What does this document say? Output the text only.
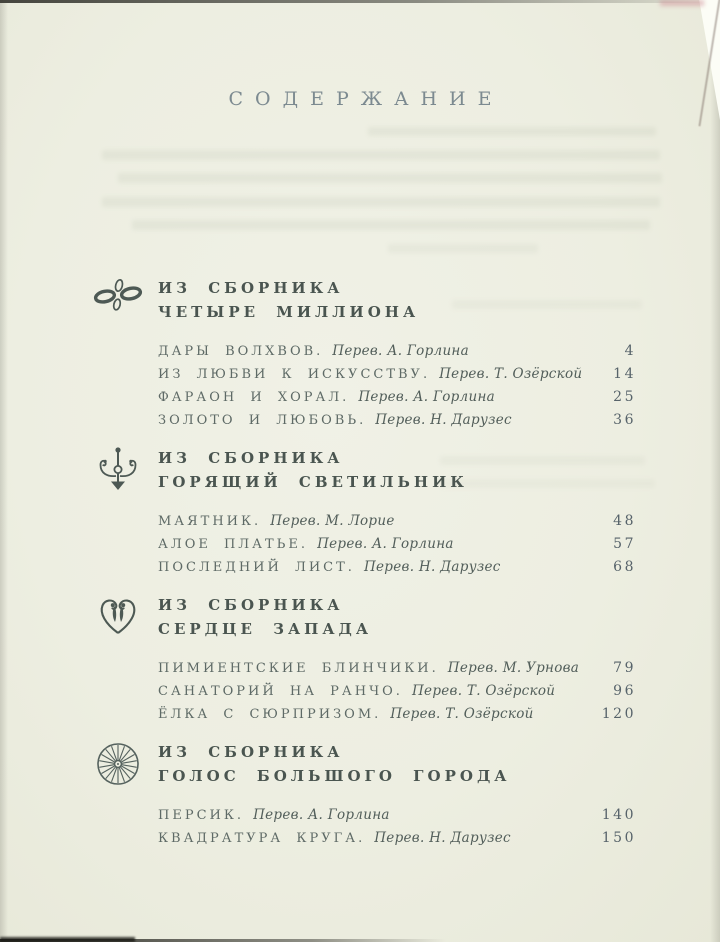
СОДЕРЖАНИЕ
ИЗ СБОРНИКА
ЧЕТЫРЕ МИЛЛИОНА
ДАРЫ ВОЛХВОВ. Перев. А. Горлина	4
ИЗ ЛЮБВИ К ИСКУССТВУ. Перев. Т. Озёрской	14
ФАРАОН И ХОРАЛ. Перев. А. Горлина	25
ЗОЛОТО И ЛЮБОВЬ. Перев. Н. Дарузес	36
ИЗ СБОРНИКА
ГОРЯЩИЙ СВЕТИЛЬНИК
МАЯТНИК. Перев. М. Лорие	48
АЛОЕ ПЛАТЬЕ. Перев. А. Горлина	57
ПОСЛЕДНИЙ ЛИСТ. Перев. Н. Дарузес	68
ИЗ СБОРНИКА
СЕРДЦЕ ЗАПАДА
ПИМИЕНТСКИЕ БЛИНЧИКИ. Перев. М. Урнова	79
САНАТОРИЙ НА РАНЧО. Перев. Т. Озёрской	96
ЁЛКА С СЮРПРИЗОМ. Перев. Т. Озёрской	120
ИЗ СБОРНИКА
ГОЛОС БОЛЬШОГО ГОРОДА
ПЕРСИК. Перев. А. Горлина	140
КВАДРАТУРА КРУГА. Перев. Н. Дарузес	150
